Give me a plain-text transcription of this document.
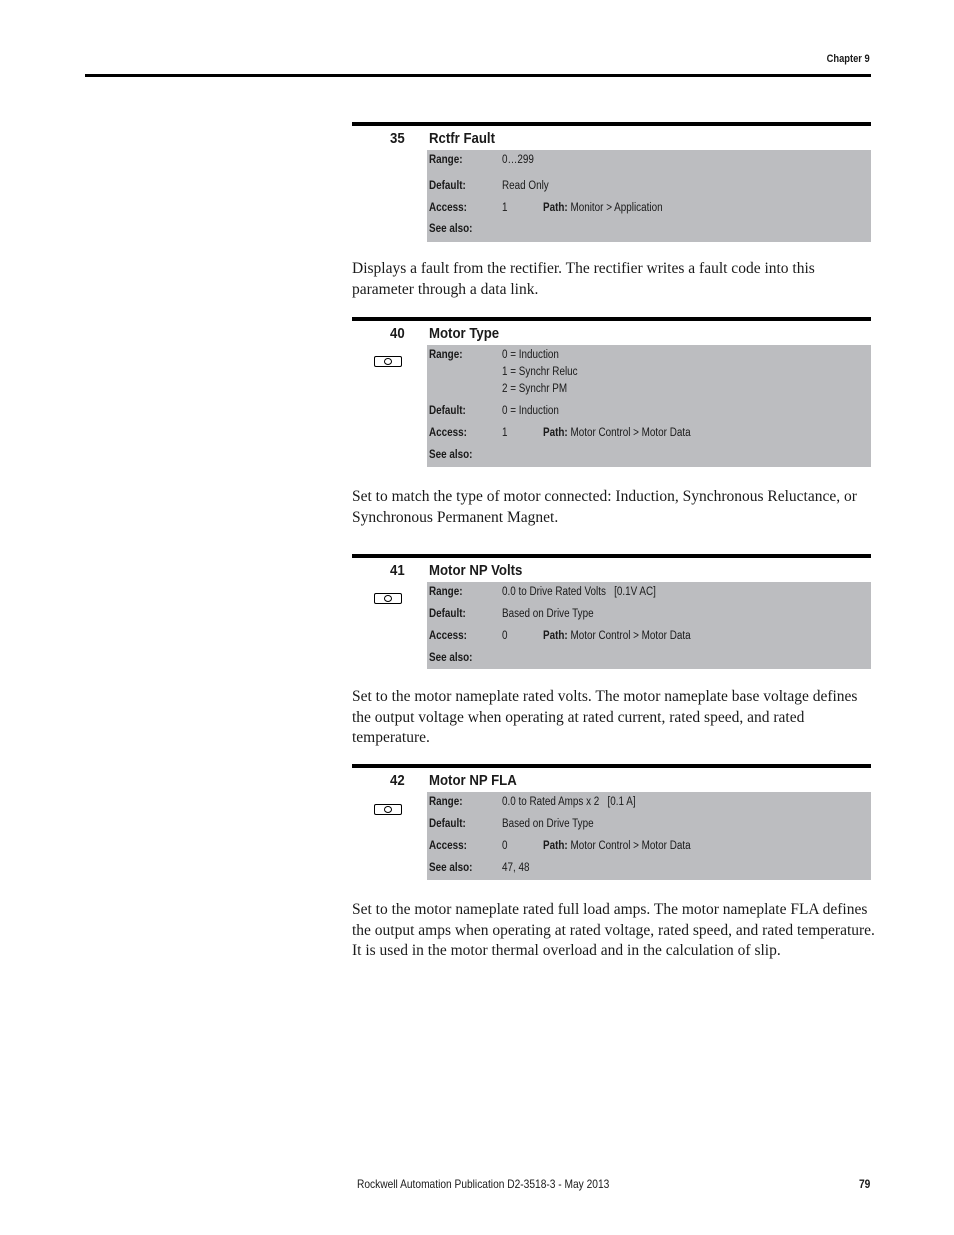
Chapter 9
35 Rctfr Fault
Range:	0…299
Default:	Read Only
Access:	1	Path: Monitor > Application
See also:
Displays a fault from the rectifier. The rectifier writes a fault code into this parameter through a data link.
40 Motor Type
Range:	0 = Induction
1 = Synchr Reluc
2 = Synchr PM
Default:	0 = Induction
Access:	1	Path: Motor Control > Motor Data
See also:
Set to match the type of motor connected: Induction, Synchronous Reluctance, or Synchronous Permanent Magnet.
41 Motor NP Volts
Range:	0.0 to Drive Rated Volts   [0.1V AC]
Default:	Based on Drive Type
Access:	0	Path: Motor Control > Motor Data
See also:
Set to the motor nameplate rated volts. The motor nameplate base voltage defines the output voltage when operating at rated current, rated speed, and rated temperature.
42 Motor NP FLA
Range:	0.0 to Rated Amps x 2   [0.1 A]
Default:	Based on Drive Type
Access:	0	Path: Motor Control > Motor Data
See also:	47, 48
Set to the motor nameplate rated full load amps. The motor nameplate FLA defines the output amps when operating at rated voltage, rated speed, and rated temperature. It is used in the motor thermal overload and in the calculation of slip.
Rockwell Automation Publication D2-3518-3 - May 2013	79
